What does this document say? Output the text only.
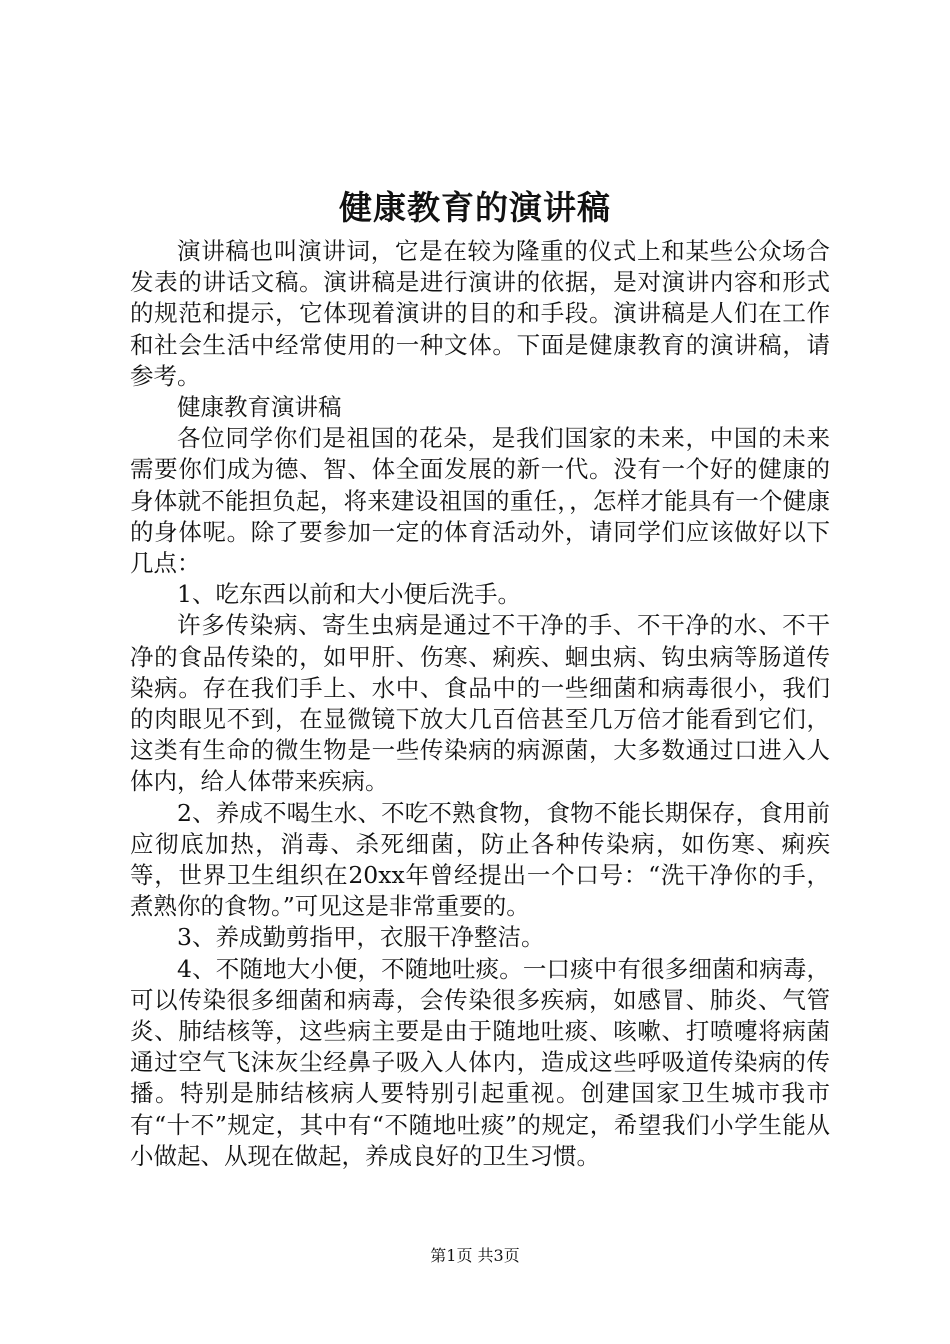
健康教育的演讲稿

演讲稿也叫演讲词，它是在较为隆重的仪式上和某些公众场合发表的讲话文稿。演讲稿是进行演讲的依据，是对演讲内容和形式的规范和提示，它体现着演讲的目的和手段。演讲稿是人们在工作和社会生活中经常使用的一种文体。下面是健康教育的演讲稿，请参考。

健康教育演讲稿

各位同学你们是祖国的花朵，是我们国家的未来，中国的未来需要你们成为德、智、体全面发展的新一代。没有一个好的健康的身体就不能担负起，将来建设祖国的重任，，怎样才能具有一个健康的身体呢。除了要参加一定的体育活动外，请同学们应该做好以下几点：

1、吃东西以前和大小便后洗手。

许多传染病、寄生虫病是通过不干净的手、不干净的水、不干净的食品传染的，如甲肝、伤寒、痢疾、蛔虫病、钩虫病等肠道传染病。存在我们手上、水中、食品中的一些细菌和病毒很小，我们的肉眼见不到，在显微镜下放大几百倍甚至几万倍才能看到它们，这类有生命的微生物是一些传染病的病源菌，大多数通过口进入人体内，给人体带来疾病。

2、养成不喝生水、不吃不熟食物，食物不能长期保存，食用前应彻底加热，消毒、杀死细菌，防止各种传染病，如伤寒、痢疾等，世界卫生组织在20xx年曾经提出一个口号：“洗干净你的手，煮熟你的食物。”可见这是非常重要的。

3、养成勤剪指甲，衣服干净整洁。

4、不随地大小便，不随地吐痰。一口痰中有很多细菌和病毒，可以传染很多细菌和病毒，会传染很多疾病，如感冒、肺炎、气管炎、肺结核等，这些病主要是由于随地吐痰、咳嗽、打喷嚏将病菌通过空气飞沫灰尘经鼻子吸入人体内，造成这些呼吸道传染病的传播。特别是肺结核病人要特别引起重视。创建国家卫生城市我市有“十不”规定，其中有“不随地吐痰”的规定，希望我们小学生能从小做起、从现在做起，养成良好的卫生习惯。

第1页 共3页
